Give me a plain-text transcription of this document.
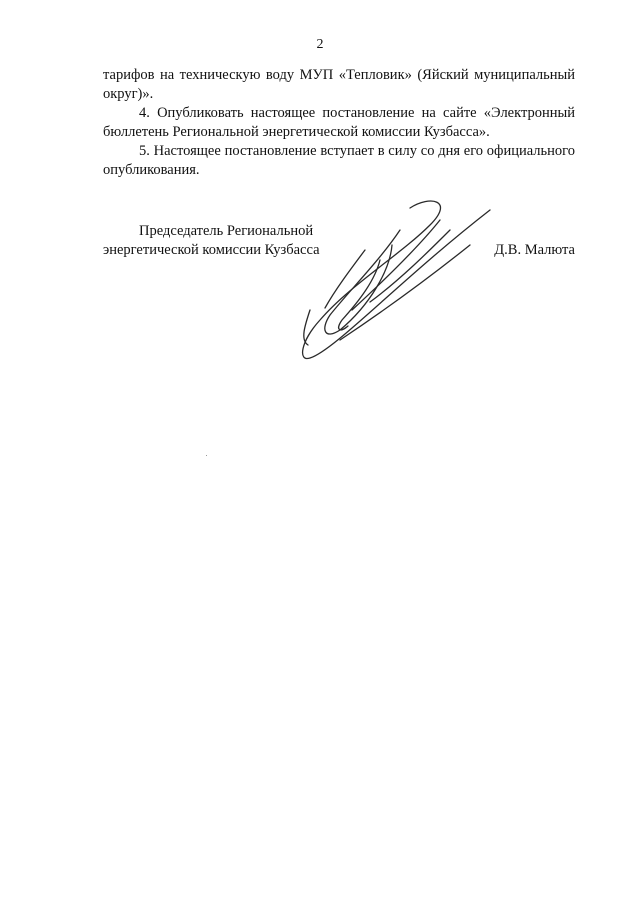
2

тарифов на техническую воду МУП «Тепловик» (Яйский муниципальный округ)».

4. Опубликовать настоящее постановление на сайте «Электронный бюллетень Региональной энергетической комиссии Кузбасса».

5. Настоящее постановление вступает в силу со дня его официального опубликования.

Председатель Региональной
энергетической комиссии Кузбасса	Д.В. Малюта
